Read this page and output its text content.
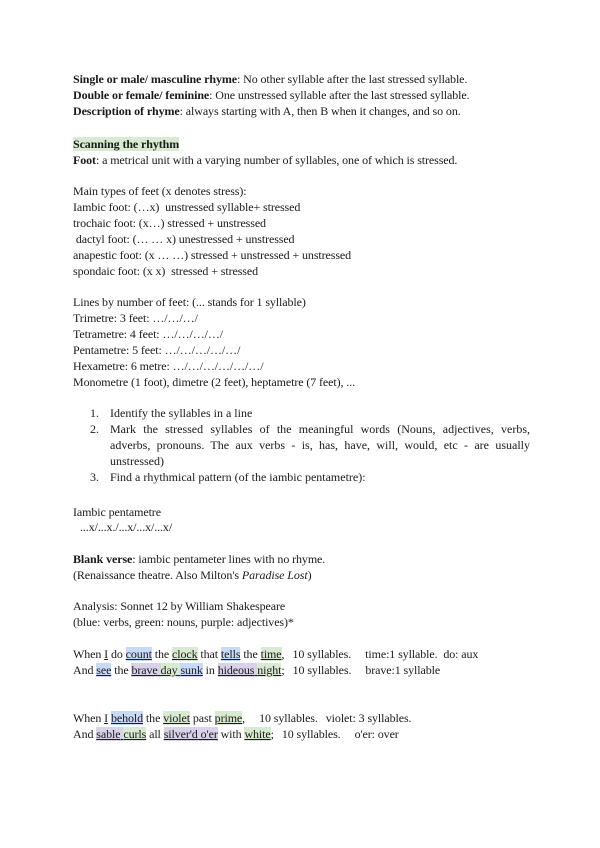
Single or male/ masculine rhyme: No other syllable after the last stressed syllable.
Double or female/ feminine: One unstressed syllable after the last stressed syllable.
Description of rhyme: always starting with A, then B when it changes, and so on.
Scanning the rhythm
Foot: a metrical unit with a varying number of syllables, one of which is stressed.
Main types of feet (x denotes stress):
Iambic foot: (…x)  unstressed syllable+ stressed
trochaic foot: (x…) stressed + unstressed
dactyl foot: (… … x) unestressed + unstressed
anapestic foot: (x … …) stressed + unstressed + unstressed
spondaic foot: (x x)  stressed + stressed
Lines by number of feet: (... stands for 1 syllable)
Trimetre: 3 feet: …/…/…/
Tetrametre: 4 feet: …/…/…/…/
Pentametre: 5 feet: …/…/…/…/…/
Hexametre: 6 metre: …/…/…/…/…/…/
Monometre (1 foot), dimetre (2 feet), heptametre (7 feet), ...
1. Identify the syllables in a line
2. Mark the stressed syllables of the meaningful words (Nouns, adjectives, verbs, adverbs, pronouns. The aux verbs - is, has, have, will, would, etc - are usually unstressed)
3. Find a rhythmical pattern (of the iambic pentametre):
Iambic pentametre
...x/...x./...x/...x/...x/
Blank verse: iambic pentameter lines with no rhyme.
(Renaissance theatre. Also Milton's Paradise Lost)
Analysis: Sonnet 12 by William Shakespeare
(blue: verbs, green: nouns, purple: adjectives)*
When I do count the clock that tells the time, 10 syllables. time:1 syllable.  do: aux
And see the brave day sunk in hideous night; 10 syllables. brave:1 syllable
When I behold the violet past prime, 10 syllables. violet: 3 syllables.
And sable curls all silver'd o'er with white; 10 syllables. o'er: over
